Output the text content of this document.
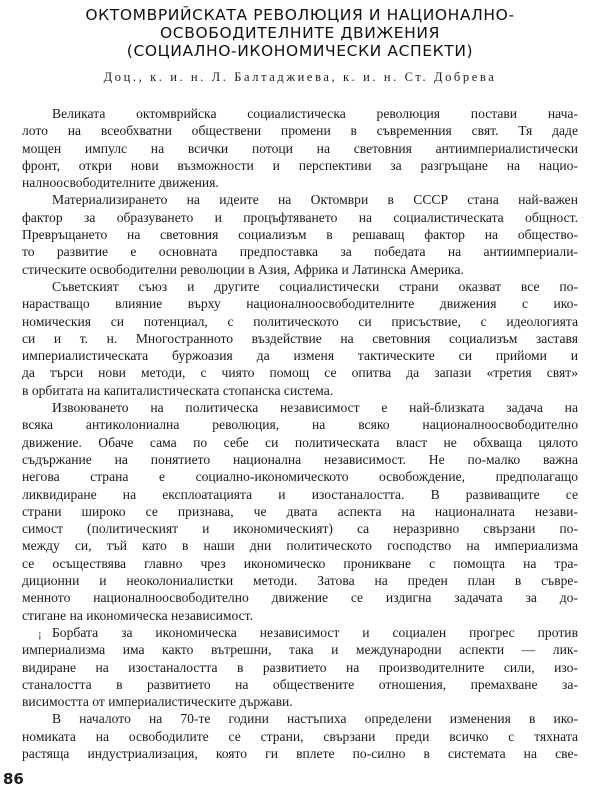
ОКТОМВРИЙСКАТА РЕВОЛЮЦИЯ И НАЦИОНАЛНО-
ОСВОБОДИТЕЛНИТЕ ДВИЖЕНИЯ
(СОЦИАЛНО-ИКОНОМИЧЕСКИ АСПЕКТИ)
Доц., к. и. н. Л. Балтаджиева, к. и. н. Ст. Добрева
Великата октомврийска социалистическа революция постави нача-
лото на всеобхватни обществени промени в съвременния свят. Тя даде
мощен импулс на всички потоци на световния антиимпериалистически
фронт, откри нови възможности и перспективи за разгръщане на нацио-
налноосвободителните движения.
Материализирането на идеите на Октомври в СССР стана най-важен
фактор за образуването и процъфтяването на социалистическата общност.
Превръщането на световния социализъм в решаващ фактор на общество-
то развитие е основната предпоставка за победата на антиимпериали-
стическите освободителни революции в Азия, Африка и Латинска Америка.
Съветският съюз и другите социалистически страни оказват все по-
нарастващо влияние върху националноосвободителните движения с ико-
номическия си потенциал, с политическото си присъствие, с идеологията
си и т. н. Многостранното въздействие на световния социализъм заставя
империалистическата буржоазия да изменя тактическите си прийоми и
да търси нови методи, с чиято помощ се опитва да запази «третия свят»
в орбитата на капиталистическата стопанска система.
Извоюването на политическа независимост е най-близката задача на
всяка антиколониална революция, на всяко националноосвободително
движение. Обаче сама по себе си политическата власт не обхваща цялото
съдържание на понятието национална независимост. Не по-малко важна
негова страна е социално-икономическото освобождение, предполагащо
ликвидиране на експлоатацията и изостаналостта. В развиващите се
страни широко се признава, че двата аспекта на националната незави-
симост (политическият и икономическият) са неразривно свързани по-
между си, тъй като в наши дни политическото господство на империализма
се осъществява главно чрез икономическо проникване с помощта на тра-
диционни и неоколониалистки методи. Затова на преден план в съвре-
менното националноосвободително движение се издигна задачата за до-
стигане на икономическа независимост.
¡ Борбата за икономическа независимост и социален прогрес против
империализма има както вътрешни, така и международни аспекти — лик-
видиране на изостаналостта в развитието на производителните сили, изо-
станалостта в развитието на обществените отношения, премахване за-
висимостта от империалистическите държави.
В началото на 70-те години настъпиха определени изменения в ико-
номиката на освободилите се страни, свързани преди всичко с тяхната
растяща индустриализация, която ги вплете по-силно в системата на све-
86
